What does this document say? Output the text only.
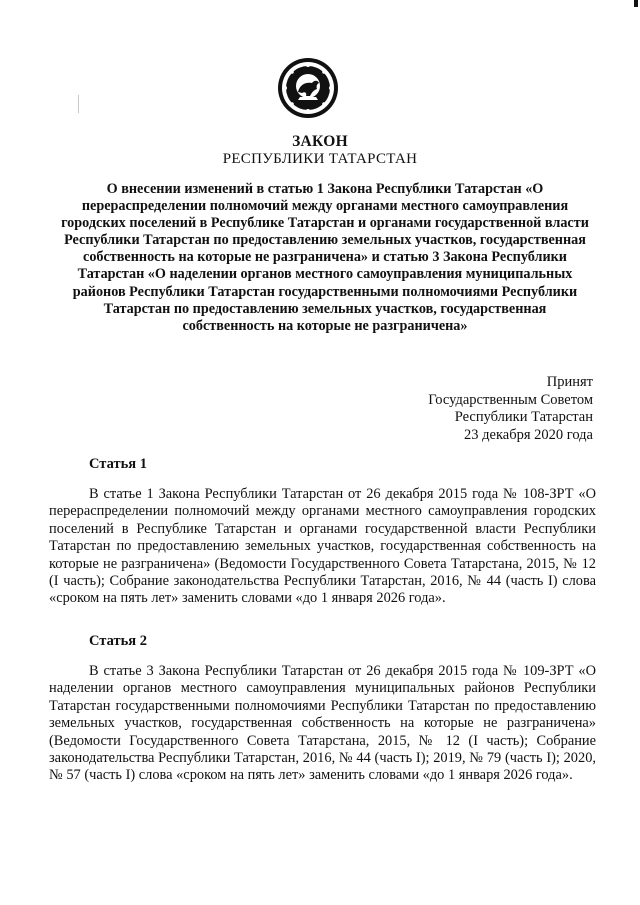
ЗАКОН
РЕСПУБЛИКИ ТАТАРСТАН
О внесении изменений в статью 1 Закона Республики Татарстан «О перераспределении полномочий между органами местного самоуправления городских поселений в Республике Татарстан и органами государственной власти Республики Татарстан по предоставлению земельных участков, государственная собственность на которые не разграничена» и статью 3 Закона Республики Татарстан «О наделении органов местного самоуправления муниципальных районов Республики Татарстан государственными полномочиями Республики Татарстан по предоставлению земельных участков, государственная собственность на которые не разграничена»
Принят
Государственным Советом
Республики Татарстан
23 декабря 2020 года
Статья 1

В статье 1 Закона Республики Татарстан от 26 декабря 2015 года № 108-ЗРТ «О перераспределении полномочий между органами местного самоуправления городских поселений в Республике Татарстан и органами государственной власти Республики Татарстан по предоставлению земельных участков, государственная собственность на которые не разграничена» (Ведомости Государственного Совета Татарстана, 2015, № 12 (I часть); Собрание законодательства Республики Татарстан, 2016, № 44 (часть I) слова «сроком на пять лет» заменить словами «до 1 января 2026 года».

Статья 2

В статье 3 Закона Республики Татарстан от 26 декабря 2015 года № 109-ЗРТ «О наделении органов местного самоуправления муниципальных районов Республики Татарстан государственными полномочиями Республики Татарстан по предоставлению земельных участков, государственная собственность на которые не разграничена» (Ведомости Государственного Совета Татарстана, 2015, № 12 (I часть); Собрание законодательства Республики Татарстан, 2016, № 44 (часть I); 2019, № 79 (часть I); 2020, № 57 (часть I) слова «сроком на пять лет» заменить словами «до 1 января 2026 года».
